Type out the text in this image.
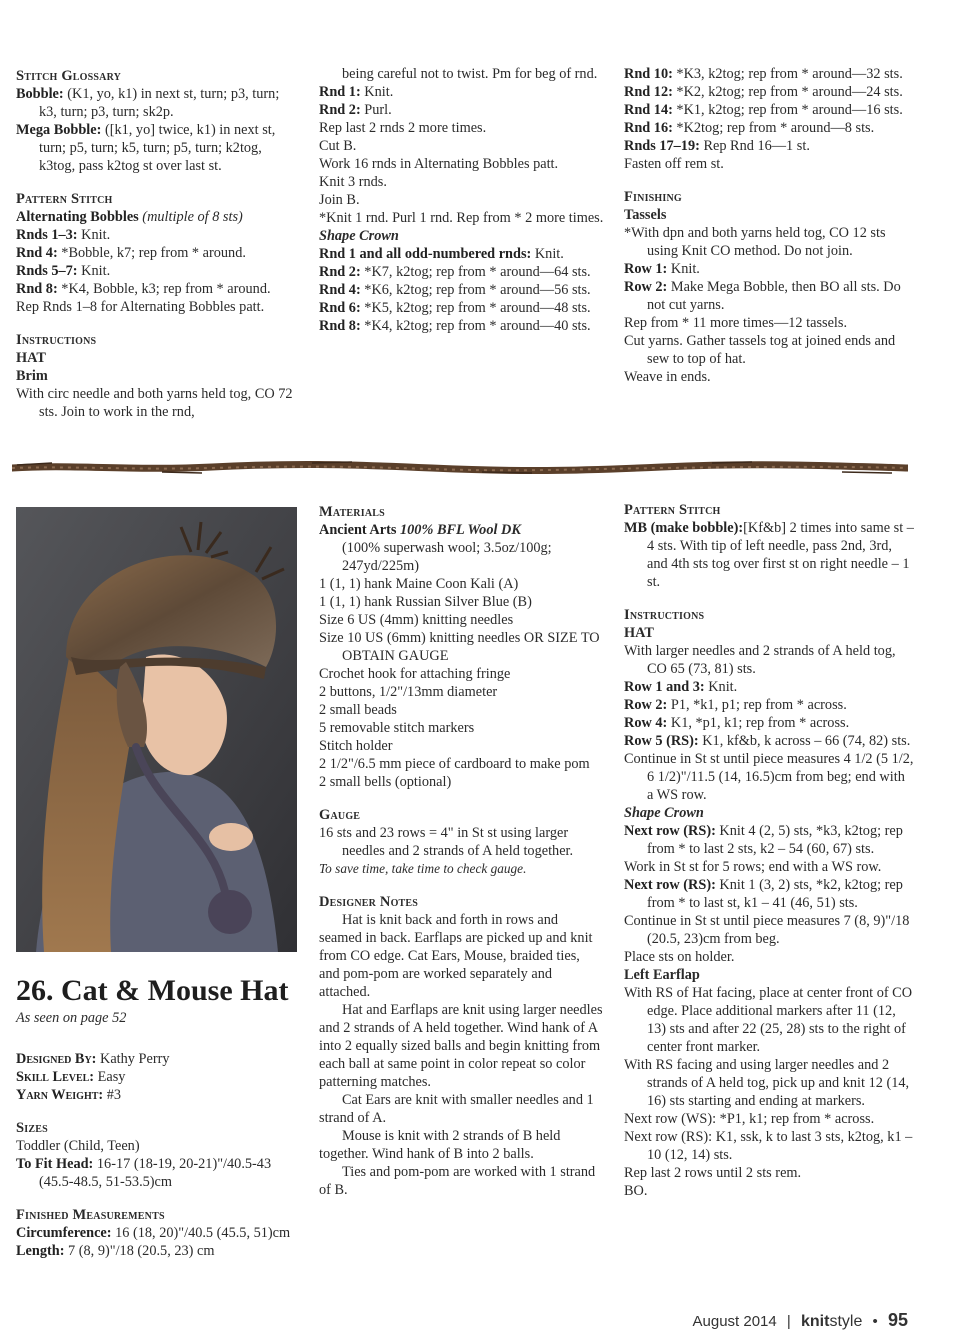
Stitch Glossary

Bobble: (K1, yo, k1) in next st, turn; p3, turn; k3, turn; p3, turn; sk2p.

Mega Bobble: ([k1, yo] twice, k1) in next st, turn; p5, turn; k5, turn; p5, turn; k2tog, k3tog, pass k2tog st over last st.

Pattern Stitch

Alternating Bobbles (multiple of 8 sts)

Rnds 1–3: Knit.

Rnd 4: *Bobble, k7; rep from * around.

Rnds 5–7: Knit.

Rnd 8: *K4, Bobble, k3; rep from * around.

Rep Rnds 1–8 for Alternating Bobbles patt.

Instructions

HAT

Brim

With circ needle and both yarns held tog, CO 72 sts. Join to work in the rnd,

being careful not to twist. Pm for beg of rnd.

Rnd 1: Knit.

Rnd 2: Purl.

Rep last 2 rnds 2 more times.

Cut B.

Work 16 rnds in Alternating Bobbles patt.

Knit 3 rnds.

Join B.

*Knit 1 rnd. Purl 1 rnd. Rep from * 2 more times.

Shape Crown

Rnd 1 and all odd-numbered rnds: Knit.

Rnd 2: *K7, k2tog; rep from * around—64 sts.

Rnd 4: *K6, k2tog; rep from * around—56 sts.

Rnd 6: *K5, k2tog; rep from * around—48 sts.

Rnd 8: *K4, k2tog; rep from * around—40 sts.

Rnd 10: *K3, k2tog; rep from * around—32 sts.

Rnd 12: *K2, k2tog; rep from * around—24 sts.

Rnd 14: *K1, k2tog; rep from * around—16 sts.

Rnd 16: *K2tog; rep from * around—8 sts.

Rnds 17–19: Rep Rnd 16—1 st.

Fasten off rem st.

Finishing

Tassels

*With dpn and both yarns held tog, CO 12 sts using Knit CO method. Do not join.

Row 1: Knit.

Row 2: Make Mega Bobble, then BO all sts. Do not cut yarns.

Rep from * 11 more times—12 tassels.

Cut yarns. Gather tassels tog at joined ends and sew to top of hat.

Weave in ends.

26. Cat & Mouse Hat

As seen on page 52

Designed By: Kathy Perry

Skill Level: Easy

Yarn Weight: #3

Sizes

Toddler (Child, Teen)

To Fit Head: 16-17 (18-19, 20-21)"/40.5-43 (45.5-48.5, 51-53.5)cm

Finished Measurements

Circumference: 16 (18, 20)"/40.5 (45.5, 51)cm

Length: 7 (8, 9)"/18 (20.5, 23) cm

Materials

Ancient Arts 100% BFL Wool DK

(100% superwash wool; 3.5oz/100g; 247yd/225m)

1 (1, 1) hank Maine Coon Kali (A)

1 (1, 1) hank Russian Silver Blue (B)

Size 6 US (4mm) knitting needles

Size 10 US (6mm) knitting needles OR SIZE TO OBTAIN GAUGE

Crochet hook for attaching fringe

2 buttons, 1/2"/13mm diameter

2 small beads

5 removable stitch markers

Stitch holder

2 1/2"/6.5 mm piece of cardboard to make pom

2 small bells (optional)

Gauge

16 sts and 23 rows = 4" in St st using larger needles and 2 strands of A held together.

To save time, take time to check gauge.

Designer Notes

Hat is knit back and forth in rows and seamed in back. Earflaps are picked up and knit from CO edge. Cat Ears, Mouse, braided ties, and pom-pom are worked separately and attached.

Hat and Earflaps are knit using larger needles and 2 strands of A held together. Wind hank of A into 2 equally sized balls and begin knitting from each ball at same point in color repeat so color patterning matches.

Cat Ears are knit with smaller needles and 1 strand of A.

Mouse is knit with 2 strands of B held together. Wind hank of B into 2 balls.

Ties and pom-pom are worked with 1 strand of B.

Pattern Stitch

MB (make bobble):[Kf&b] 2 times into same st – 4 sts. With tip of left needle, pass 2nd, 3rd, and 4th sts tog over first st on right needle – 1 st.

Instructions

HAT

With larger needles and 2 strands of A held tog, CO 65 (73, 81) sts.

Row 1 and 3: Knit.

Row 2: P1, *k1, p1; rep from * across.

Row 4: K1, *p1, k1; rep from * across.

Row 5 (RS): K1, kf&b, k across – 66 (74, 82) sts.

Continue in St st until piece measures 4 1/2 (5 1/2, 6 1/2)"/11.5 (14, 16.5)cm from beg; end with a WS row.

Shape Crown

Next row (RS): Knit 4 (2, 5) sts, *k3, k2tog; rep from * to last 2 sts, k2 – 54 (60, 67) sts.

Work in St st for 5 rows; end with a WS row.

Next row (RS): Knit 1 (3, 2) sts, *k2, k2tog; rep from * to last st, k1 – 41 (46, 51) sts.

Continue in St st until piece measures 7 (8, 9)"/18 (20.5, 23)cm from beg.

Place sts on holder.

Left Earflap

With RS of Hat facing, place at center front of CO edge. Place additional markers after 11 (12, 13) sts and after 22 (25, 28) sts to the right of center front marker.

With RS facing and using larger needles and 2 strands of A held tog, pick up and knit 12 (14, 16) sts starting and ending at markers.

Next row (WS): *P1, k1; rep from * across.

Next row (RS): K1, ssk, k to last 3 sts, k2tog, k1 – 10 (12, 14) sts.

Rep last 2 rows until 2 sts rem.

BO.

August 2014 | knitstyle • 95
